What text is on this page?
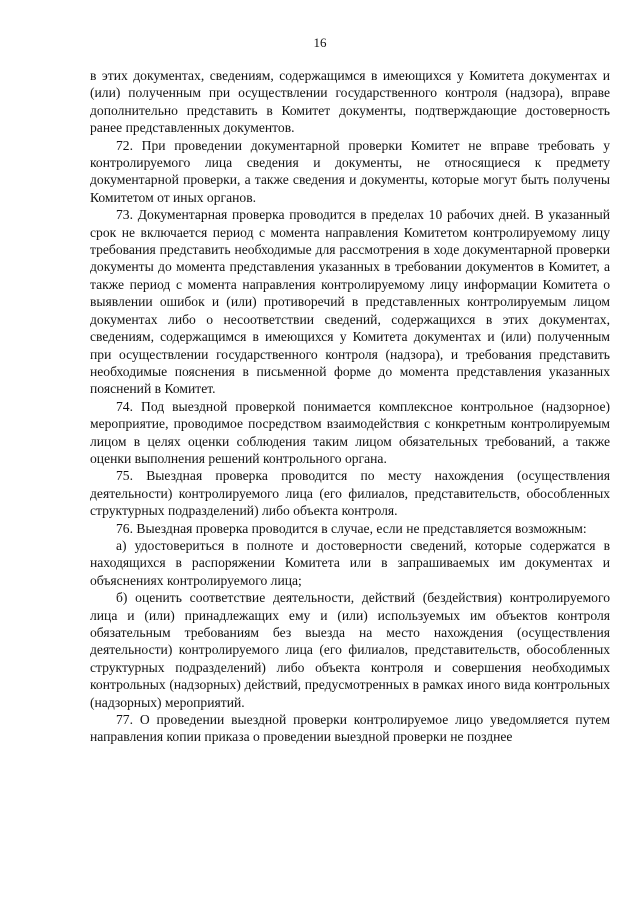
16

в этих документах, сведениям, содержащимся в имеющихся у Комитета документах и (или) полученным при осуществлении государственного контроля (надзора), вправе дополнительно представить в Комитет документы, подтверждающие достоверность ранее представленных документов.

72. При проведении документарной проверки Комитет не вправе требовать у контролируемого лица сведения и документы, не относящиеся к предмету документарной проверки, а также сведения и документы, которые могут быть получены Комитетом от иных органов.

73. Документарная проверка проводится в пределах 10 рабочих дней. В указанный срок не включается период с момента направления Комитетом контролируемому лицу требования представить необходимые для рассмотрения в ходе документарной проверки документы до момента представления указанных в требовании документов в Комитет, а также период с момента направления контролируемому лицу информации Комитета о выявлении ошибок и (или) противоречий в представленных контролируемым лицом документах либо о несоответствии сведений, содержащихся в этих документах, сведениям, содержащимся в имеющихся у Комитета документах и (или) полученным при осуществлении государственного контроля (надзора), и требования представить необходимые пояснения в письменной форме до момента представления указанных пояснений в Комитет.

74. Под выездной проверкой понимается комплексное контрольное (надзорное) мероприятие, проводимое посредством взаимодействия с конкретным контролируемым лицом в целях оценки соблюдения таким лицом обязательных требований, а также оценки выполнения решений контрольного органа.

75. Выездная проверка проводится по месту нахождения (осуществления деятельности) контролируемого лица (его филиалов, представительств, обособленных структурных подразделений) либо объекта контроля.

76. Выездная проверка проводится в случае, если не представляется возможным:

а) удостовериться в полноте и достоверности сведений, которые содержатся в находящихся в распоряжении Комитета или в запрашиваемых им документах и объяснениях контролируемого лица;

б) оценить соответствие деятельности, действий (бездействия) контролируемого лица и (или) принадлежащих ему и (или) используемых им объектов контроля обязательным требованиям без выезда на место нахождения (осуществления деятельности) контролируемого лица (его филиалов, представительств, обособленных структурных подразделений) либо объекта контроля и совершения необходимых контрольных (надзорных) действий, предусмотренных в рамках иного вида контрольных (надзорных) мероприятий.

77. О проведении выездной проверки контролируемое лицо уведомляется путем направления копии приказа о проведении выездной проверки не позднее
